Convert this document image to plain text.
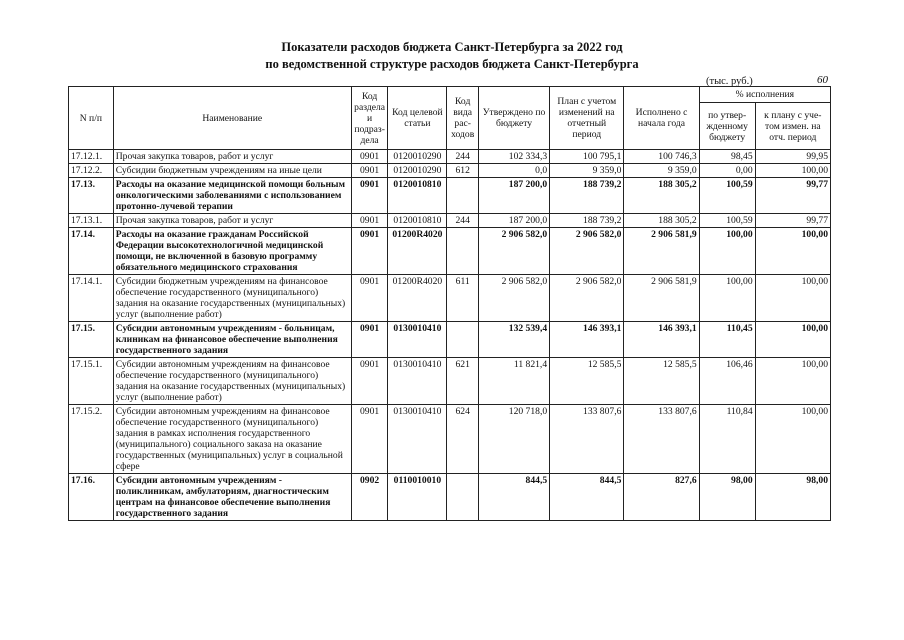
Показатели расходов бюджета Санкт-Петербурга за 2022 год
по ведомственной структуре расходов бюджета Санкт-Петербурга
(тыс. руб.)	60
N п/п	Наименование	Код раздела и подраз-дела	Код целевой статьи	Код вида рас-ходов	Утверждено по бюджету	План с учетом изменений на отчетный период	Исполнено с начала года	% исполнения	
								по утвер-жденному бюджету	к плану с уче-том измен. на отч. период
17.12.1.	Прочая закупка товаров, работ и услуг	0901	0120010290	244	102 334,3	100 795,1	100 746,3	98,45	99,95
17.12.2.	Субсидии бюджетным учреждениям на иные цели	0901	0120010290	612	0,0	9 359,0	9 359,0	0,00	100,00
17.13.	Расходы на оказание медицинской помощи больным онкологическими заболеваниями с использованием протонно-лучевой терапии	0901	0120010810		187 200,0	188 739,2	188 305,2	100,59	99,77
17.13.1.	Прочая закупка товаров, работ и услуг	0901	0120010810	244	187 200,0	188 739,2	188 305,2	100,59	99,77
17.14.	Расходы на оказание гражданам Российской Федерации высокотехнологичной медицинской помощи, не включенной в базовую программу обязательного медицинского страхования	0901	01200R4020		2 906 582,0	2 906 582,0	2 906 581,9	100,00	100,00
17.14.1.	Субсидии бюджетным учреждениям на финансовое обеспечение государственного (муниципального) задания на оказание государственных (муниципальных) услуг (выполнение работ)	0901	01200R4020	611	2 906 582,0	2 906 582,0	2 906 581,9	100,00	100,00
17.15.	Субсидии автономным учреждениям - больницам, клиникам на финансовое обеспечение выполнения государственного задания	0901	0130010410		132 539,4	146 393,1	146 393,1	110,45	100,00
17.15.1.	Субсидии автономным учреждениям на финансовое обеспечение государственного (муниципального) задания на оказание государственных (муниципальных) услуг (выполнение работ)	0901	0130010410	621	11 821,4	12 585,5	12 585,5	106,46	100,00
17.15.2.	Субсидии автономным учреждениям на финансовое обеспечение государственного (муниципального) задания в рамках исполнения государственного (муниципального) социального заказа на оказание государственных (муниципальных) услуг в социальной сфере	0901	0130010410	624	120 718,0	133 807,6	133 807,6	110,84	100,00
17.16.	Субсидии автономным учреждениям - поликлиникам, амбулаториям, диагностическим центрам на финансовое обеспечение выполнения государственного задания	0902	0110010010		844,5	844,5	827,6	98,00	98,00
